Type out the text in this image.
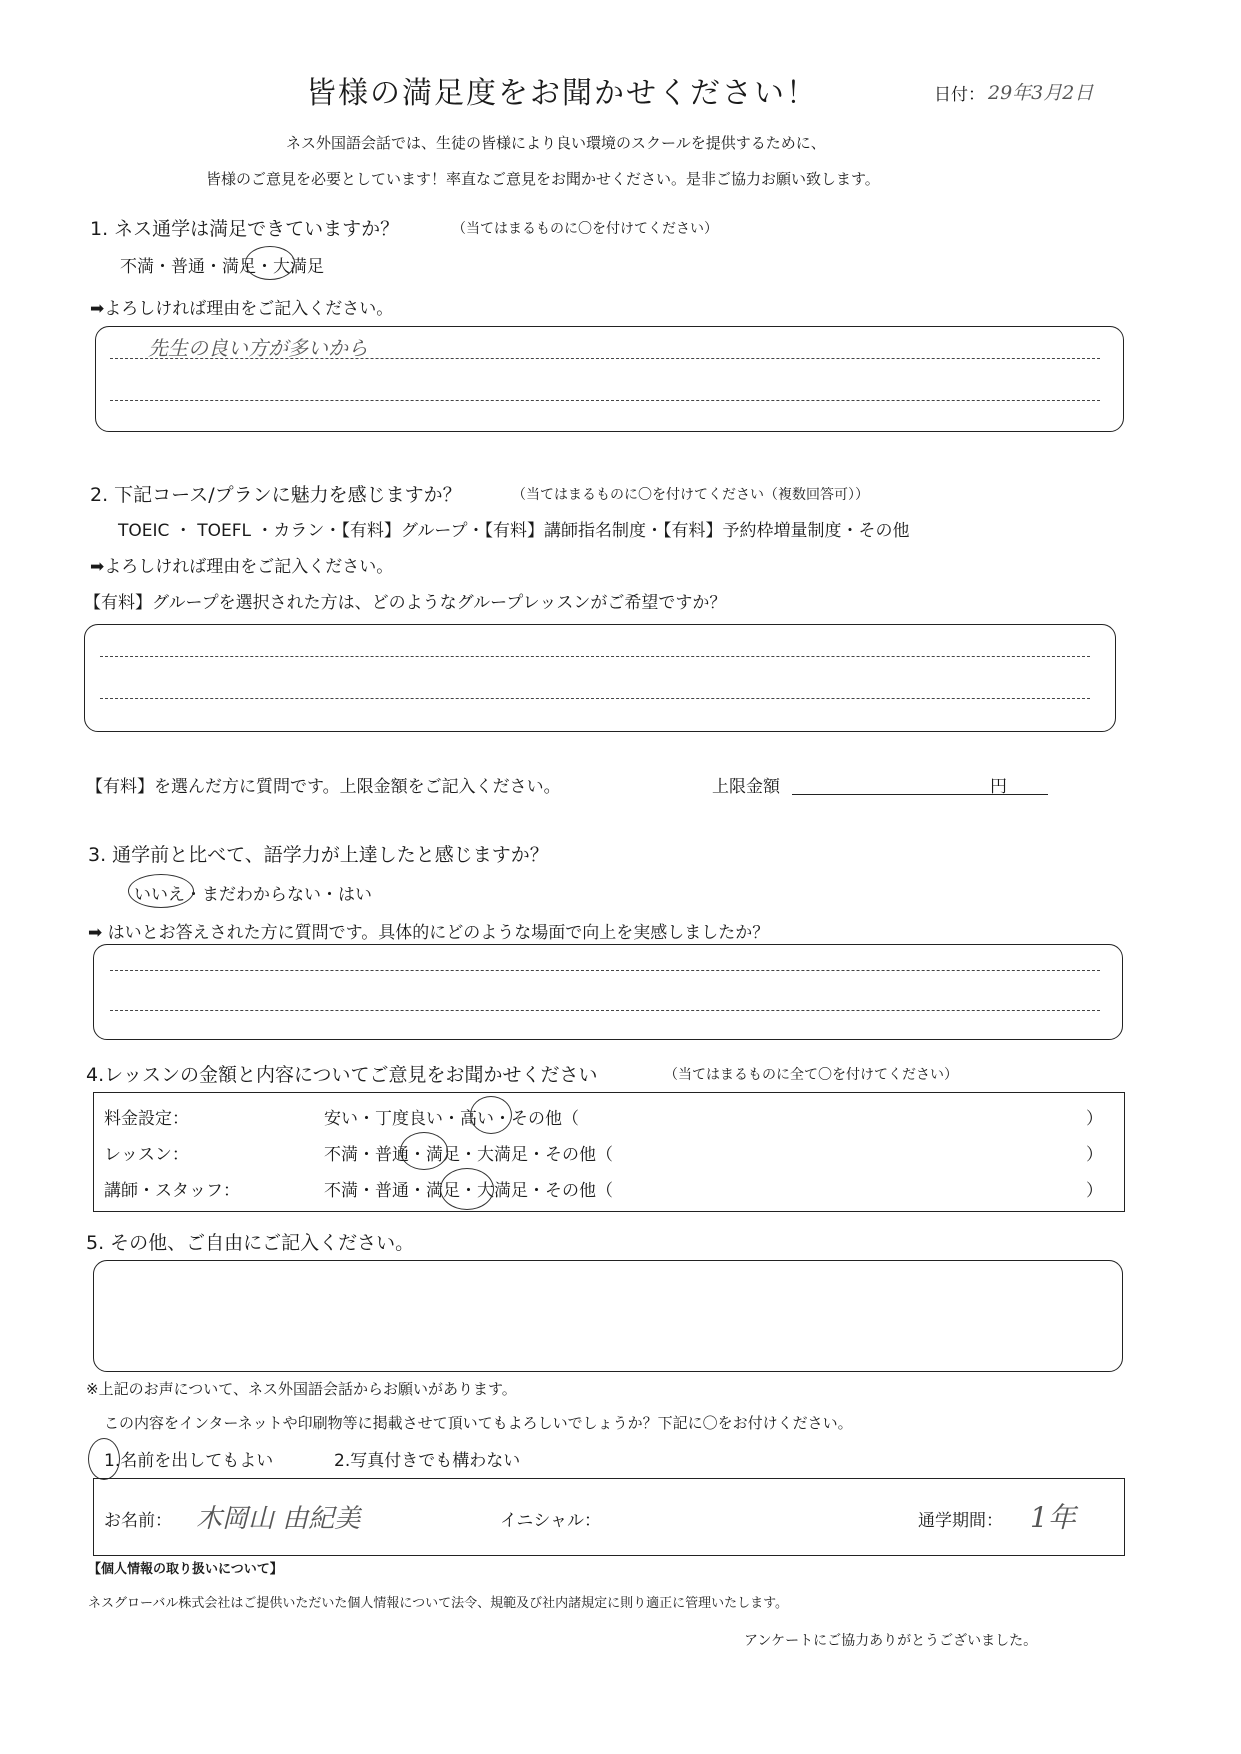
皆様の満足度をお聞かせください！	日付： 29年3月2日
ネス外国語会話では、生徒の皆様により良い環境のスクールを提供するために、
皆様のご意見を必要としています！率直なご意見をお聞かせください。是非ご協力お願い致します。
1. ネス通学は満足できていますか？	（当てはまるものに〇を付けてください）
不満・普通・満足・大満足
➡よろしければ理由をご記入ください。
先生の良い方が多いから
2. 下記コース/プランに魅力を感じますか？	（当てはまるものに〇を付けてください（複数回答可））
TOEIC ・ TOEFL ・カラン・【有料】グループ・【有料】講師指名制度・【有料】予約枠増量制度・その他
➡よろしければ理由をご記入ください。
【有料】グループを選択された方は、どのようなグループレッスンがご希望ですか？
【有料】を選んだ方に質問です。上限金額をご記入ください。	上限金額	円
3. 通学前と比べて、語学力が上達したと感じますか？
いいえ・まだわからない・はい
➡ はいとお答えされた方に質問です。具体的にどのような場面で向上を実感しましたか？
4.レッスンの金額と内容についてご意見をお聞かせください	（当てはまるものに全て〇を付けてください）
料金設定：	安い・丁度良い・高い・その他（	）
レッスン：	不満・普通・満足・大満足・その他（	）
講師・スタッフ：	不満・普通・満足・大満足・その他（	）
5. その他、ご自由にご記入ください。
※上記のお声について、ネス外国語会話からお願いがあります。
この内容をインターネットや印刷物等に掲載させて頂いてもよろしいでしょうか？下記に〇をお付けください。
1.名前を出してもよい	2.写真付きでも構わない
お名前： 木岡山 由紀美	イニシャル：	通学期間： 1年
【個人情報の取り扱いについて】
ネスグローバル株式会社はご提供いただいた個人情報について法令、規範及び社内諸規定に則り適正に管理いたします。
アンケートにご協力ありがとうございました。
